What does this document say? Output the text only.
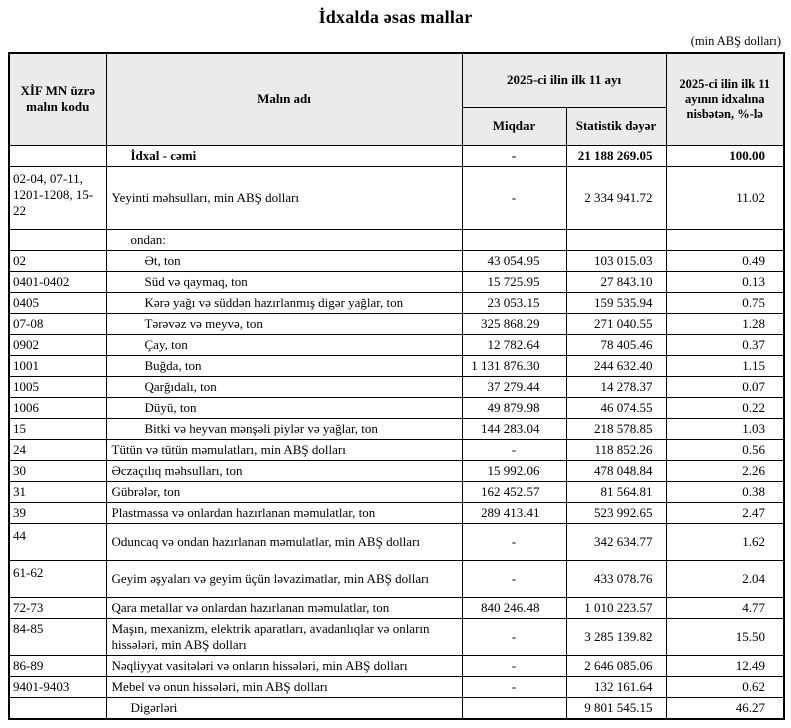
İdxalda əsas mallar
(min ABŞ dolları)
XİF MN üzrə malın kodu	Malın adı	2025-ci ilin ilk 11 ayı		2025-ci ilin ilk 11 ayının idxalına nisbətən, %-lə
		Miqdar	Statistik dəyər	
	İdxal - cəmi	-	21 188 269.05	100.00
02-04, 07-11, 1201-1208, 15-22	Yeyinti məhsulları, min ABŞ dolları	-	2 334 941.72	11.02
	ondan:			
02	Ət, ton	43 054.95	103 015.03	0.49
0401-0402	Süd və qaymaq, ton	15 725.95	27 843.10	0.13
0405	Kərə yağı və süddən hazırlanmış digər yağlar, ton	23 053.15	159 535.94	0.75
07-08	Tərəvəz və meyvə, ton	325 868.29	271 040.55	1.28
0902	Çay, ton	12 782.64	78 405.46	0.37
1001	Buğda, ton	1 131 876.30	244 632.40	1.15
1005	Qarğıdalı, ton	37 279.44	14 278.37	0.07
1006	Düyü, ton	49 879.98	46 074.55	0.22
15	Bitki və heyvan mənşəli piylər və yağlar, ton	144 283.04	218 578.85	1.03
24	Tütün və tütün məmulatları, min ABŞ dolları	-	118 852.26	0.56
30	Əczaçılıq məhsulları, ton	15 992.06	478 048.84	2.26
31	Gübrələr, ton	162 452.57	81 564.81	0.38
39	Plastmassa və onlardan hazırlanan məmulatlar, ton	289 413.41	523 992.65	2.47
44	Oduncaq və ondan hazırlanan məmulatlar, min ABŞ dolları	-	342 634.77	1.62
61-62	Geyim əşyaları və geyim üçün ləvazimatlar, min ABŞ dolları	-	433 078.76	2.04
72-73	Qara metallar və onlardan hazırlanan məmulatlar, ton	840 246.48	1 010 223.57	4.77
84-85	Maşın, mexanizm, elektrik aparatları, avadanlıqlar və onların hissələri, min ABŞ dolları	-	3 285 139.82	15.50
86-89	Nəqliyyat vasitələri və onların hissələri, min ABŞ dolları	-	2 646 085.06	12.49
9401-9403	Mebel və onun hissələri, min ABŞ dolları	-	132 161.64	0.62
	Digərləri		9 801 545.15	46.27
